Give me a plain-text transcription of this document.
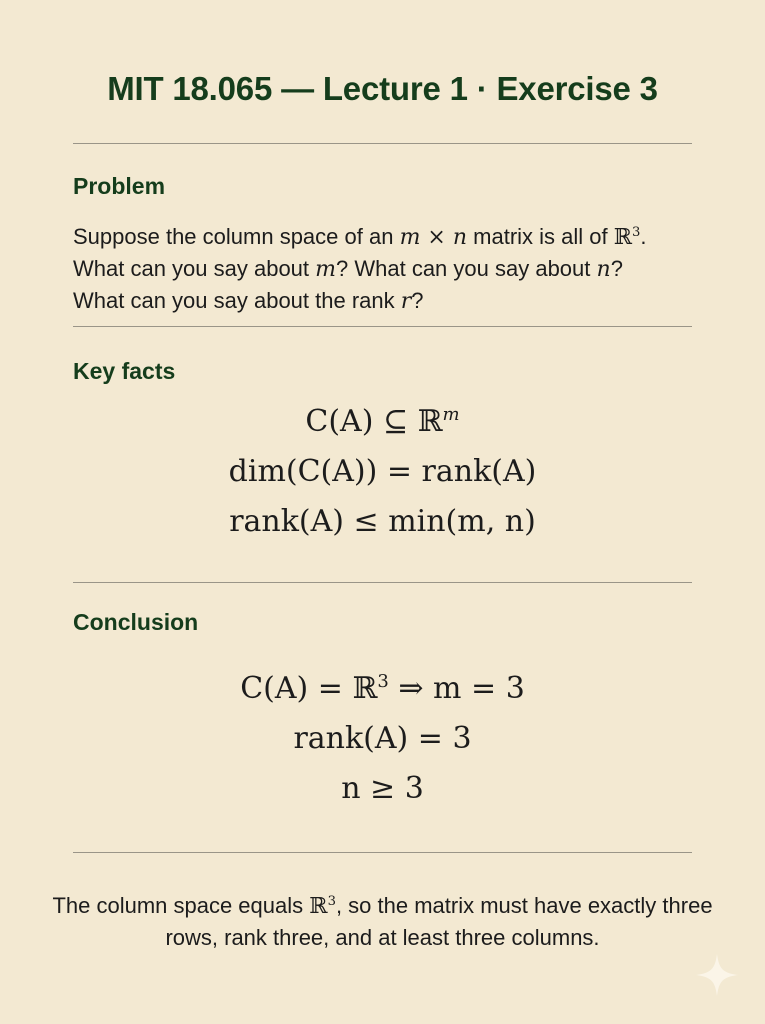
MIT 18.065 — Lecture 1 · Exercise 3
Problem
Suppose the column space of an m × n matrix is all of ℝ$^3$.
What can you say about m? What can you say about n?
What can you say about the rank r?
Key facts
C(A) ⊆ ℝ$^m$
dim(C(A)) = rank(A)
rank(A) ≤ min(m, n)
Conclusion
C(A) = ℝ$^3$ ⇒ m = 3
rank(A) = 3
n ≥ 3
The column space equals ℝ$^3$, so the matrix must have exactly three rows, rank three, and at least three columns.
